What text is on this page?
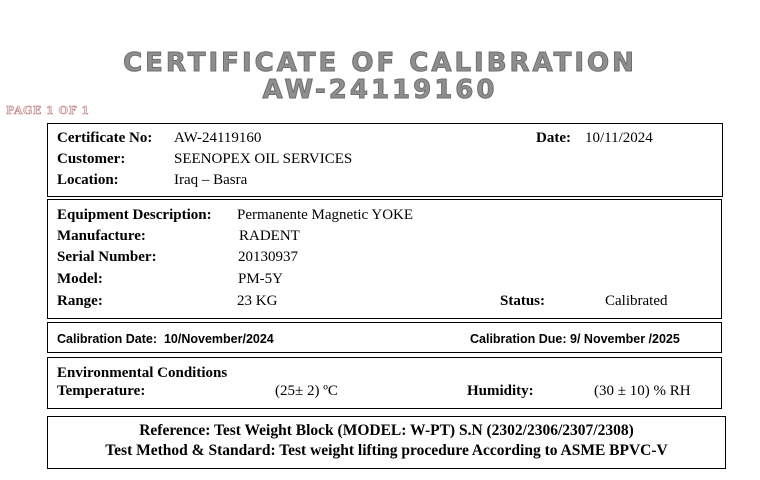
CERTIFICATE OF CALIBRATION
AW-24119160
PAGE 1 OF 1
Certificate No: AW-24119160	Date: 10/11/2024
Customer:	SEENOPEX OIL SERVICES
Location:	Iraq – Basra
Equipment Description: Permanente Magnetic YOKE
Manufacture:	RADENT
Serial Number:	20130937
Model:	PM-5Y
Range:	23 KG	Status:	Calibrated
Calibration Date: 10/November/2024	Calibration Due: 9/ November /2025
Environmental Conditions
Temperature:	(25± 2) ºC	Humidity:	(30 ± 10) % RH
Reference: Test Weight Block (MODEL: W-PT) S.N (2302/2306/2307/2308)
Test Method & Standard: Test weight lifting procedure According to ASME BPVC-V
